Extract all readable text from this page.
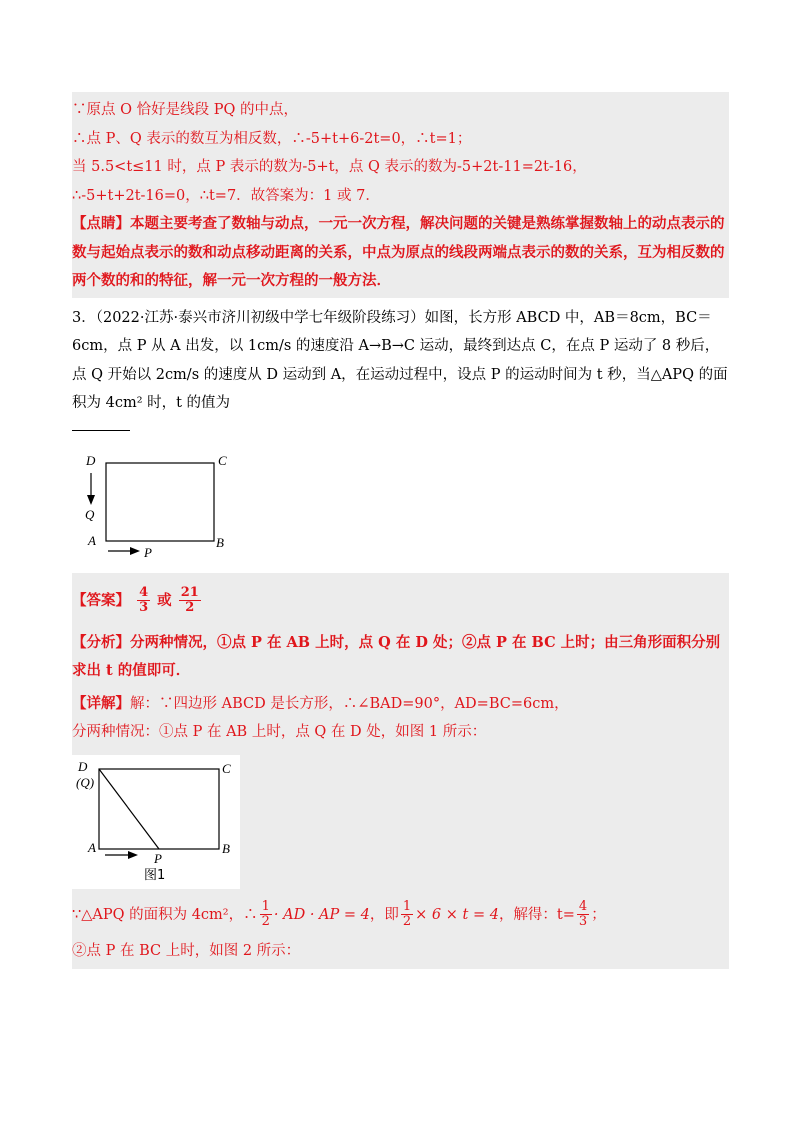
∵原点 O 恰好是线段 PQ 的中点，
∴点 P、Q 表示的数互为相反数，∴-5+t+6-2t=0，∴t=1；
当 5.5<t≤11 时，点 P 表示的数为-5+t，点 Q 表示的数为-5+2t-11=2t-16，
∴-5+t+2t-16=0，∴t=7．故答案为：1 或 7．
【点睛】本题主要考查了数轴与动点，一元一次方程，解决问题的关键是熟练掌握数轴上的动点表示的数与起始点表示的数和动点移动距离的关系，中点为原点的线段两端点表示的数的关系，互为相反数的两个数的和的特征，解一元一次方程的一般方法．
3．（2022·江苏·泰兴市济川初级中学七年级阶段练习）如图，长方形 ABCD 中，AB＝8cm，BC＝6cm，点 P 从 A 出发，以 1cm/s 的速度沿 A→B→C 运动，最终到达点 C，在点 P 运动了 8 秒后，点 Q 开始以 2cm/s 的速度从 D 运动到 A，在运动过程中，设点 P 的运动时间为 t 秒，当△APQ 的面积为 4cm² 时，t 的值为
D	C
Q
A	B
P
【答案】 $\frac{4}{3}$ 或 $\frac{21}{2}$
【分析】分两种情况，①点 P 在 AB 上时，点 Q 在 D 处；②点 P 在 BC 上时；由三角形面积分别求出 t 的值即可．
【详解】解：∵四边形 ABCD 是长方形，∴∠BAD=90°，AD=BC=6cm，
分两种情况：①点 P 在 AB 上时，点 Q 在 D 处，如图 1 所示：
D
(Q)
C
A	B
P
图1
∵△APQ 的面积为 4cm²，∴ $\frac{1}{2}$ · AD · AP = 4，即 $\frac{1}{2} \times 6 \times t = 4$，解得：$t= \frac{4}{3}$ ；
②点 P 在 BC 上时，如图 2 所示：
